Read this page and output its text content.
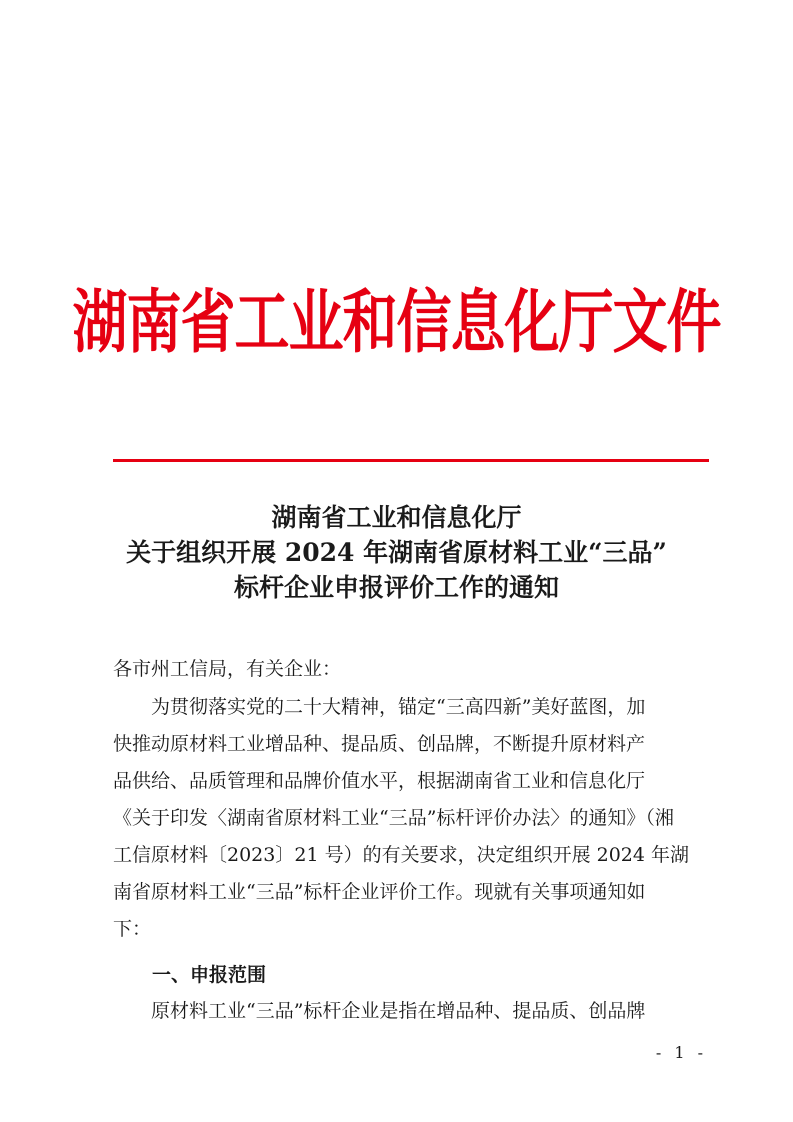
湖南省工业和信息化厅文件
湖南省工业和信息化厅
关于组织开展 2024 年湖南省原材料工业“三品”
标杆企业申报评价工作的通知
各市州工信局，有关企业：
　　为贯彻落实党的二十大精神，锚定“三高四新”美好蓝图，加
快推动原材料工业增品种、提品质、创品牌，不断提升原材料产
品供给、品质管理和品牌价值水平，根据湖南省工业和信息化厅
《关于印发〈湖南省原材料工业“三品”标杆评价办法〉的通知》（湘
工信原材料〔2023〕21 号）的有关要求，决定组织开展 2024 年湖
南省原材料工业“三品”标杆企业评价工作。现就有关事项通知如
下：
一、申报范围
　　原材料工业“三品”标杆企业是指在增品种、提品质、创品牌
- 1 -
